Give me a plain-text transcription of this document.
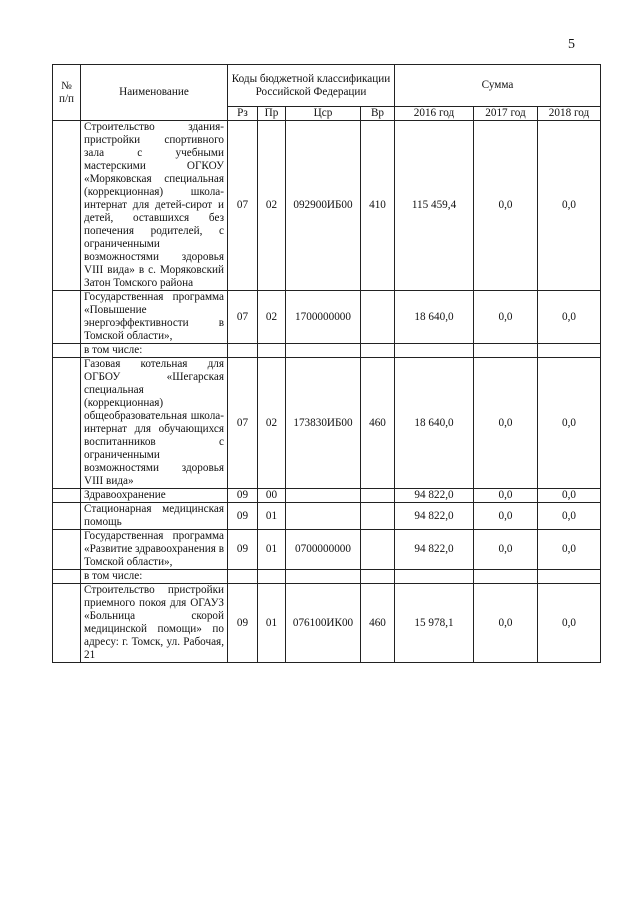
5
№ п/п	Наименование	Коды бюджетной классификации Российской Федерации				Сумма		
		Рз	Пр	Цср	Вр	2016 год	2017 год	2018 год
	Строительство здания-пристройки спортивного зала с учебными мастерскими ОГКОУ «Моряковская специальная (коррекционная) школа-интернат для детей-сирот и детей, оставшихся без попечения родителей, с ограниченными возможностями здоровья VIII вида» в с. Моряковский Затон Томского района	07	02	092900ИБ00	410	115 459,4	0,0	0,0
	Государственная программа «Повышение энергоэффективности в Томской области»,	07	02	1700000000		18 640,0	0,0	0,0
	в том числе:							
	Газовая котельная для ОГБОУ «Шегарская специальная (коррекционная) общеобразовательная школа-интернат для обучающихся воспитанников с ограниченными возможностями здоровья VIII вида»	07	02	173830ИБ00	460	18 640,0	0,0	0,0
	Здравоохранение	09	00			94 822,0	0,0	0,0
	Стационарная медицинская помощь	09	01			94 822,0	0,0	0,0
	Государственная программа «Развитие здравоохранения в Томской области»,	09	01	0700000000		94 822,0	0,0	0,0
	в том числе:							
	Строительство пристройки приемного покоя для ОГАУЗ «Больница скорой медицинской помощи» по адресу: г. Томск, ул. Рабочая, 21	09	01	076100ИК00	460	15 978,1	0,0	0,0
